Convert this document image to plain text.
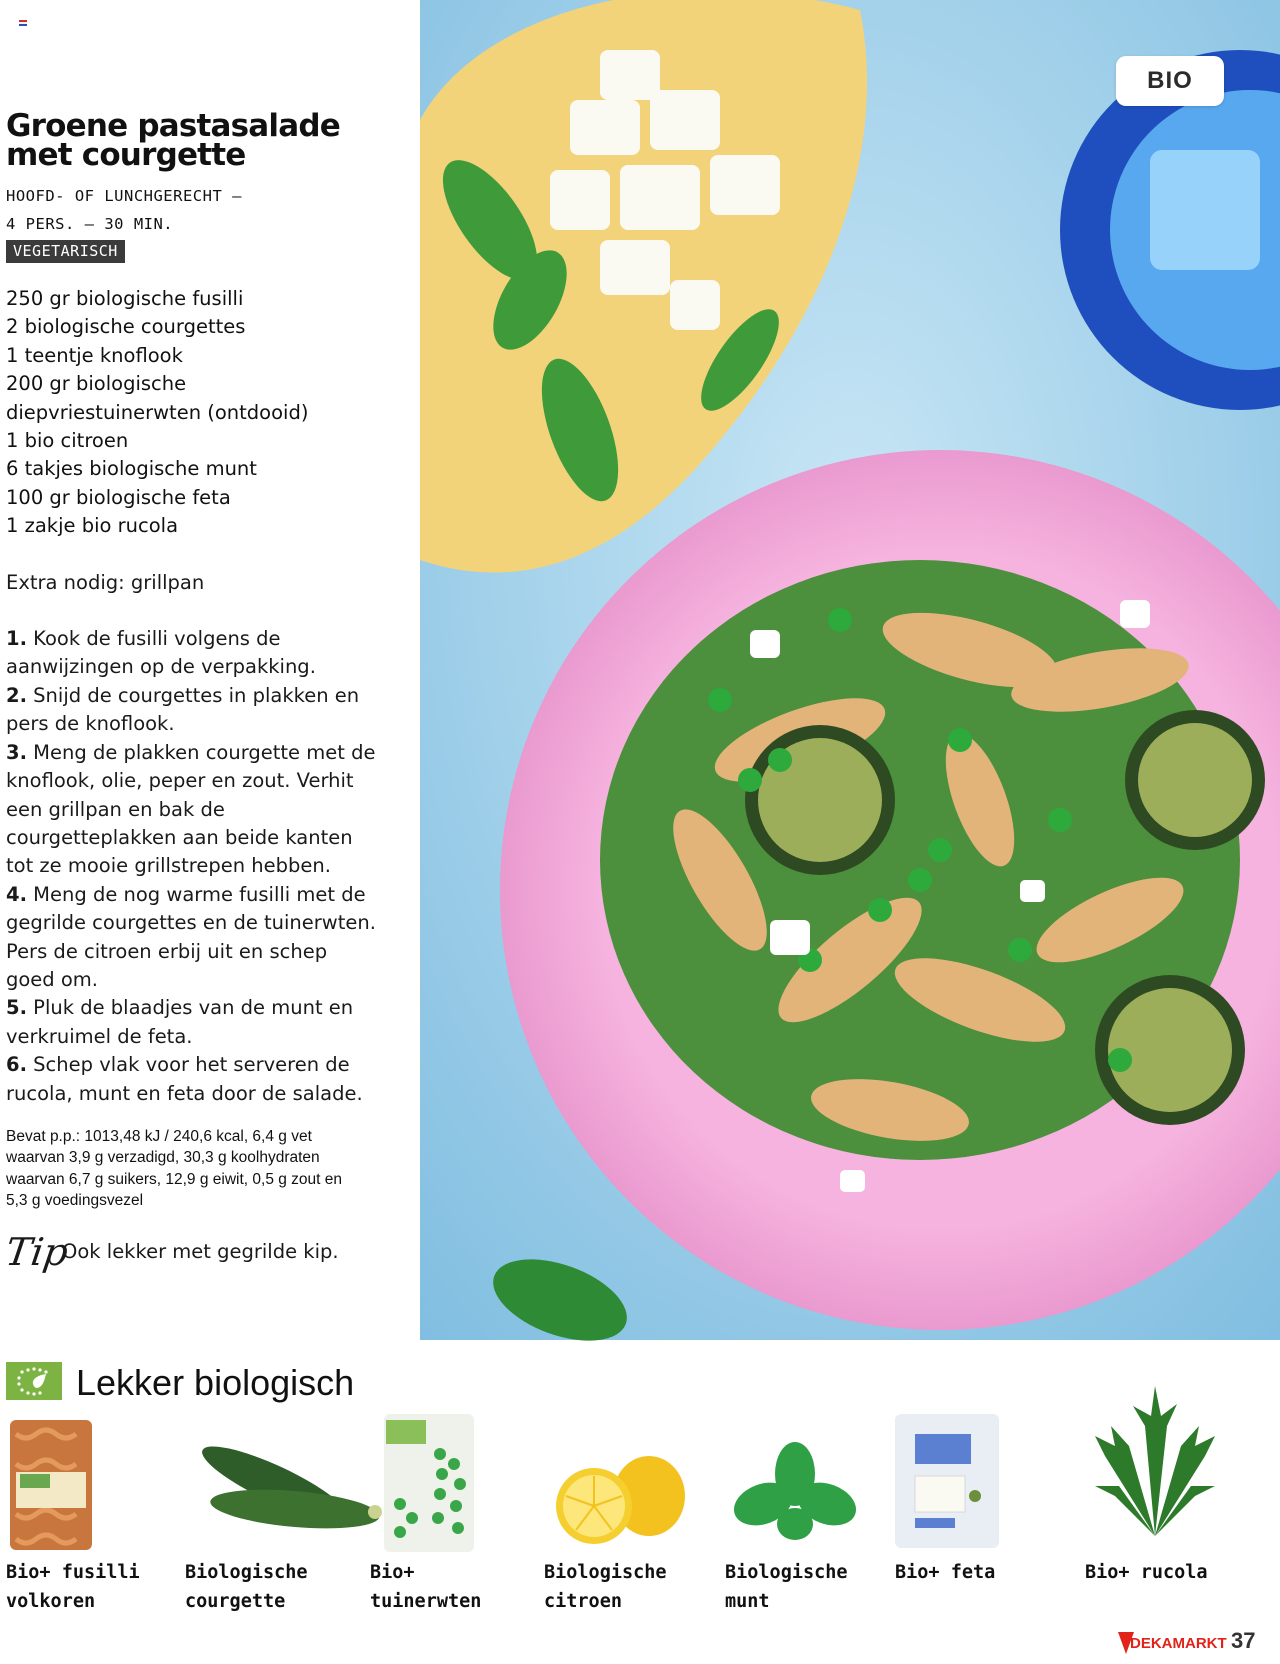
Groene pastasalade
met courgette
HOOFD- OF LUNCHGERECHT –
4 PERS. – 30 MIN.
VEGETARISCH
250 gr biologische fusilli
2 biologische courgettes
1 teentje knoflook
200 gr biologische
diepvriestuinerwten (ontdooid)
1 bio citroen
6 takjes biologische munt
100 gr biologische feta
1 zakje bio rucola
Extra nodig: grillpan
1. Kook de fusilli volgens de aanwijzingen op de verpakking.
2. Snijd de courgettes in plakken en pers de knoflook.
3. Meng de plakken courgette met de knoflook, olie, peper en zout. Verhit een grillpan en bak de courgetteplakken aan beide kanten tot ze mooie grillstrepen hebben.
4. Meng de nog warme fusilli met de gegrilde courgettes en de tuinerwten. Pers de citroen erbij uit en schep goed om.
5. Pluk de blaadjes van de munt en verkruimel de feta.
6. Schep vlak voor het serveren de rucola, munt en feta door de salade.
Bevat p.p.: 1013,48 kJ / 240,6 kcal, 6,4 g vet waarvan 3,9 g verzadigd, 30,3 g koolhydraten waarvan 6,7 g suikers, 12,9 g eiwit, 0,5 g zout en 5,3 g voedingsvezel
Tip
Ook lekker met gegrilde kip.
BIO
Lekker biologisch
Bio+ fusilli
volkoren
Biologische
courgette
Bio+
tuinerwten
Biologische
citroen
Biologische
munt
Bio+ feta	Bio+ rucola
DEKAMARKT 37
